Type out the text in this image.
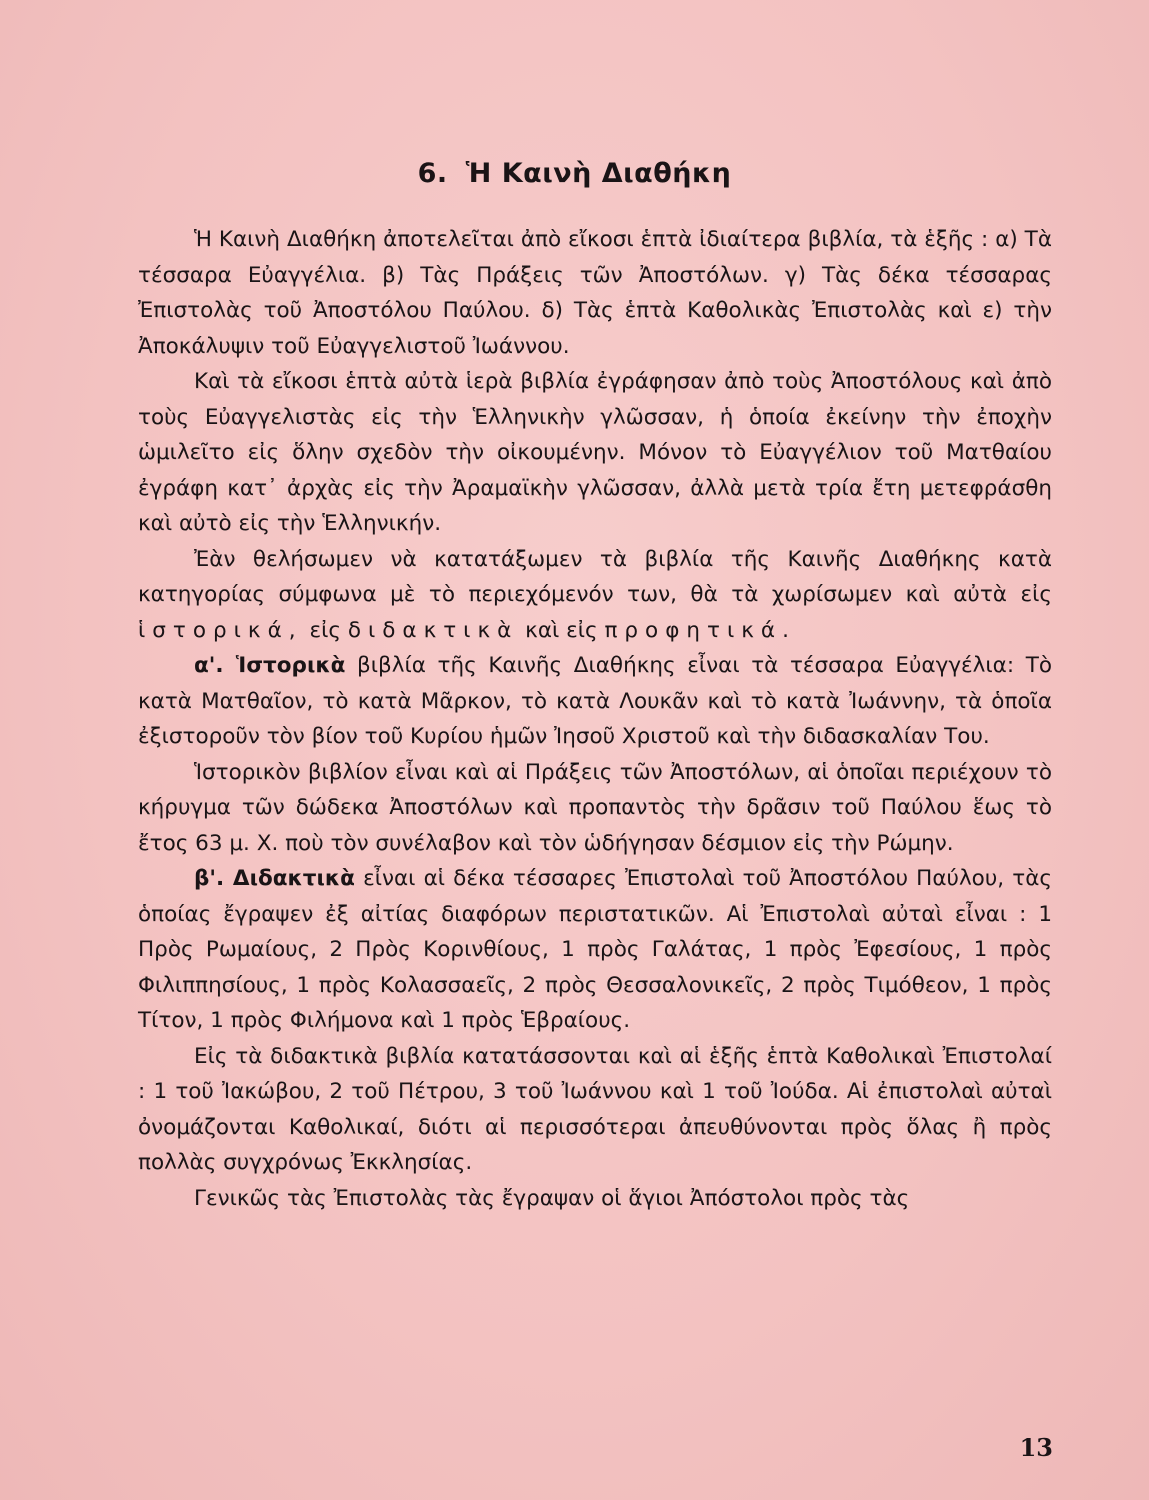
6. Ἡ Καινὴ Διαθήκη

Ἡ Καινὴ Διαθήκη ἀποτελεῖται ἀπὸ εἴκοσι ἑπτὰ ἰδιαίτερα βιβλία, τὰ ἑξῆς : α) Τὰ τέσσαρα Εὐαγγέλια. β) Τὰς Πράξεις τῶν Ἀποστόλων. γ) Τὰς δέκα τέσσαρας Ἐπιστολὰς τοῦ Ἀποστόλου Παύλου. δ) Τὰς ἑπτὰ Καθολικὰς Ἐπιστολὰς καὶ ε) τὴν Ἀποκάλυψιν τοῦ Εὐαγγελιστοῦ Ἰωάννου.

Καὶ τὰ εἴκοσι ἑπτὰ αὐτὰ ἱερὰ βιβλία ἐγράφησαν ἀπὸ τοὺς Ἀποστόλους καὶ ἀπὸ τοὺς Εὐαγγελιστὰς εἰς τὴν Ἑλληνικὴν γλῶσσαν, ἡ ὁποία ἐκείνην τὴν ἐποχὴν ὡμιλεῖτο εἰς ὅλην σχεδὸν τὴν οἰκουμένην. Μόνον τὸ Εὐαγγέλιον τοῦ Ματθαίου ἐγράφη κατ᾽ ἀρχὰς εἰς τὴν Ἀραμαϊκὴν γλῶσσαν, ἀλλὰ μετὰ τρία ἔτη μετεφράσθη καὶ αὐτὸ εἰς τὴν Ἑλληνικήν.

Ἐὰν θελήσωμεν νὰ κατατάξωμεν τὰ βιβλία τῆς Καινῆς Διαθήκης κατὰ κατηγορίας σύμφωνα μὲ τὸ περιεχόμενόν των, θὰ τὰ χωρίσωμεν καὶ αὐτὰ εἰς ἱστορικά, εἰς διδακτικὰ καὶ εἰς προφητικά.

α'. Ἱστορικὰ βιβλία τῆς Καινῆς Διαθήκης εἶναι τὰ τέσσαρα Εὐαγγέλια: Τὸ κατὰ Ματθαῖον, τὸ κατὰ Μᾶρκον, τὸ κατὰ Λουκᾶν καὶ τὸ κατὰ Ἰωάννην, τὰ ὁποῖα ἐξιστοροῦν τὸν βίον τοῦ Κυρίου ἡμῶν Ἰησοῦ Χριστοῦ καὶ τὴν διδασκαλίαν Του.

Ἱστορικὸν βιβλίον εἶναι καὶ αἱ Πράξεις τῶν Ἀποστόλων, αἱ ὁποῖαι περιέχουν τὸ κήρυγμα τῶν δώδεκα Ἀποστόλων καὶ προπαντὸς τὴν δρᾶσιν τοῦ Παύλου ἕως τὸ ἔτος 63 μ. Χ. ποὺ τὸν συνέλαβον καὶ τὸν ὡδήγησαν δέσμιον εἰς τὴν Ρώμην.

β'. Διδακτικὰ εἶναι αἱ δέκα τέσσαρες Ἐπιστολαὶ τοῦ Ἀποστόλου Παύλου, τὰς ὁποίας ἔγραψεν ἐξ αἰτίας διαφόρων περιστατικῶν. Αἱ Ἐπιστολαὶ αὐταὶ εἶναι : 1 Πρὸς Ρωμαίους, 2 Πρὸς Κορινθίους, 1 πρὸς Γαλάτας, 1 πρὸς Ἐφεσίους, 1 πρὸς Φιλιππησίους, 1 πρὸς Κολασσαεῖς, 2 πρὸς Θεσσαλονικεῖς, 2 πρὸς Τιμόθεον, 1 πρὸς Τίτον, 1 πρὸς Φιλήμονα καὶ 1 πρὸς Ἑβραίους.

Εἰς τὰ διδακτικὰ βιβλία κατατάσσονται καὶ αἱ ἑξῆς ἑπτὰ Καθολικαὶ Ἐπιστολαί : 1 τοῦ Ἰακώβου, 2 τοῦ Πέτρου, 3 τοῦ Ἰωάννου καὶ 1 τοῦ Ἰούδα. Αἱ ἐπιστολαὶ αὐταὶ ὀνομάζονται Καθολικαί, διότι αἱ περισσότεραι ἀπευθύνονται πρὸς ὅλας ἢ πρὸς πολλὰς συγχρόνως Ἐκκλησίας.

Γενικῶς τὰς Ἐπιστολὰς τὰς ἔγραψαν οἱ ἅγιοι Ἀπόστολοι πρὸς τὰς

13
